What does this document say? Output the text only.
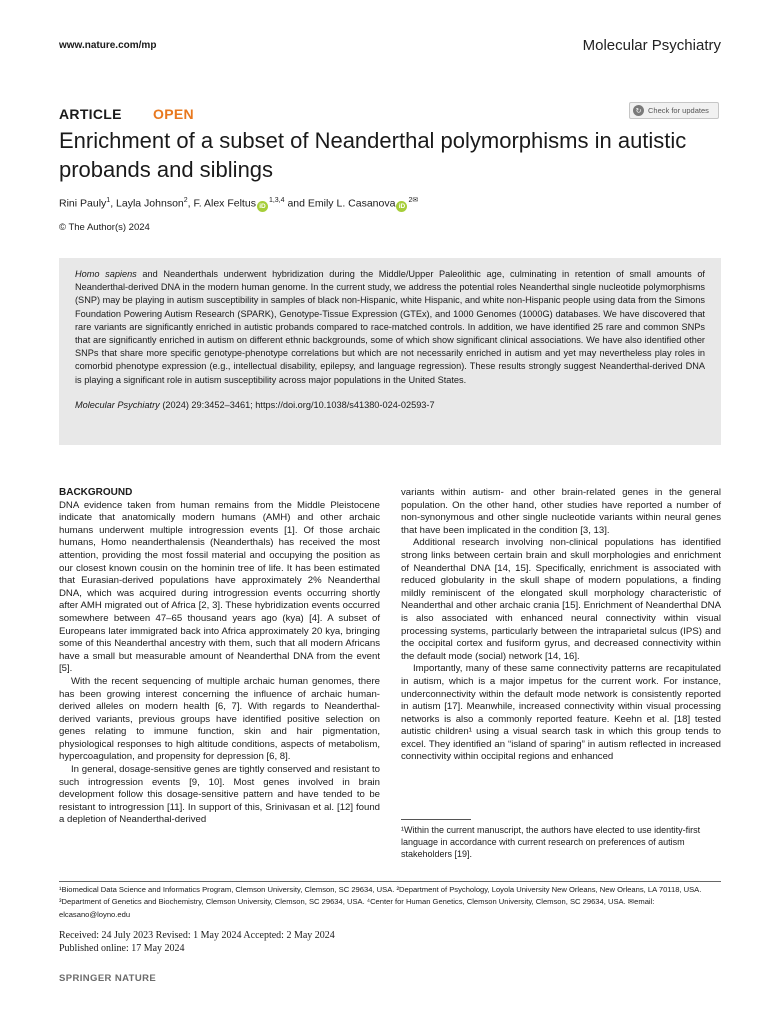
www.nature.com/mp	Molecular Psychiatry
ARTICLE OPEN	↻ Check for updates
Enrichment of a subset of Neanderthal polymorphisms in autistic probands and siblings
Rini Pauly$^1$, Layla Johnson$^2$, F. Alex Feltus iD$^{1,3,4}$ and Emily L. Casanova $iD^{2✉}$
© The Author(s) 2024

Homo sapiens and Neanderthals underwent hybridization during the Middle/Upper Paleolithic age, culminating in retention of small amounts of Neanderthal-derived DNA in the modern human genome. In the current study, we address the potential roles Neanderthal single nucleotide polymorphisms (SNP) may be playing in autism susceptibility in samples of black non-Hispanic, white Hispanic, and white non-Hispanic people using data from the Simons Foundation Powering Autism Research (SPARK), Genotype-Tissue Expression (GTEx), and 1000 Genomes (1000G) databases. We have discovered that rare variants are significantly enriched in autistic probands compared to race-matched controls. In addition, we have identified 25 rare and common SNPs that are significantly enriched in autism on different ethnic backgrounds, some of which show significant clinical associations. We have also identified other SNPs that share more specific genotype-phenotype correlations but which are not necessarily enriched in autism and yet may nevertheless play roles in comorbid phenotype expression (e.g., intellectual disability, epilepsy, and language regression). These results strongly suggest Neanderthal-derived DNA is playing a significant role in autism susceptibility across major populations in the United States.

Molecular Psychiatry (2024) 29:3452–3461; https://doi.org/10.1038/s41380-024-02593-7
BACKGROUND

DNA evidence taken from human remains from the Middle Pleistocene indicate that anatomically modern humans (AMH) and other archaic humans underwent multiple introgression events [1]. Of those archaic humans, Homo neanderthalensis (Neanderthals) has received the most attention, providing the most fossil material and occupying the position as our closest known cousin on the hominin tree of life. It has been estimated that Eurasian-derived populations have approximately 2% Neanderthal DNA, which was acquired during introgression events occurring shortly after AMH migrated out of Africa [2, 3]. These hybridization events occurred somewhere between 47–65 thousand years ago (kya) [4]. A subset of Europeans later immigrated back into Africa approximately 20 kya, bringing some of this Neanderthal ancestry with them, such that all modern Africans have a small but measurable amount of Neanderthal DNA from the event [5].

With the recent sequencing of multiple archaic human genomes, there has been growing interest concerning the influence of archaic human-derived alleles on modern health [6, 7]. With regards to Neanderthal-derived variants, previous groups have identified positive selection on genes relating to immune function, skin and hair pigmentation, physiological responses to high altitude conditions, aspects of metabolism, hypercoagulation, and propensity for depression [6, 8].

In general, dosage-sensitive genes are tightly conserved and resistant to such introgression events [9, 10]. Most genes involved in brain development follow this dosage-sensitive pattern and have tended to be resistant to introgression [11]. In support of this, Srinivasan et al. [12] found a depletion of Neanderthal-derived

variants within autism- and other brain-related genes in the general population. On the other hand, other studies have reported a number of non-synonymous and other single nucleotide variants within neural genes that have been implicated in the condition [3, 13].

Additional research involving non-clinical populations has identified strong links between certain brain and skull morphologies and enrichment of Neanderthal DNA [14, 15]. Specifically, enrichment is associated with reduced globularity in the skull shape of modern populations, a finding mildly reminiscent of the elongated skull morphology characteristic of Neanderthal and other archaic crania [15]. Enrichment of Neanderthal DNA is also associated with enhanced neural connectivity within visual processing systems, particularly between the intraparietal sulcus (IPS) and the occipital cortex and fusiform gyrus, and decreased connectivity within the default mode (social) network [14, 16].

Importantly, many of these same connectivity patterns are recapitulated in autism, which is a major impetus for the current work. For instance, underconnectivity within the default mode network is consistently reported in autism [17]. Meanwhile, increased connectivity within visual processing networks is also a commonly reported feature. Keehn et al. [18] tested autistic children¹ using a visual search task in which this group tends to excel. They identified an “island of sparing” in autism reflected in increased connectivity within occipital regions and enhanced

¹Within the current manuscript, the authors have elected to use identity-first language in accordance with current research on preferences of autism stakeholders [19].
¹Biomedical Data Science and Informatics Program, Clemson University, Clemson, SC 29634, USA. ²Department of Psychology, Loyola University New Orleans, New Orleans, LA 70118, USA. ³Department of Genetics and Biochemistry, Clemson University, Clemson, SC 29634, USA. ⁴Center for Human Genetics, Clemson University, Clemson, SC 29634, USA. ✉email: elcasano@loyno.edu
Received: 24 July 2023 Revised: 1 May 2024 Accepted: 2 May 2024
Published online: 17 May 2024
SPRINGER NATURE
